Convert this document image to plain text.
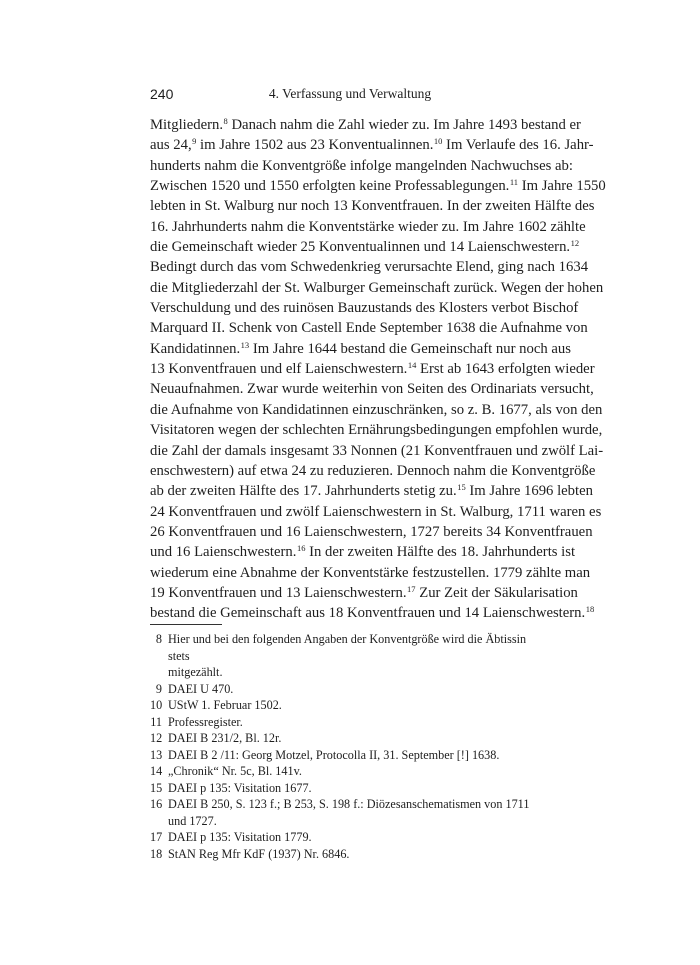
240	4. Verfassung und Verwaltung
Mitgliedern.$^8$ Danach nahm die Zahl wieder zu. Im Jahre 1493 bestand er
aus 24,$^9$ im Jahre 1502 aus 23 Konventualinnen.$^{10}$ Im Verlaufe des 16. Jahr-
hunderts nahm die Konventgröße infolge mangelnden Nachwuchses ab:
Zwischen 1520 und 1550 erfolgten keine Professablegungen.$^{11}$ Im Jahre 1550
lebten in St. Walburg nur noch 13 Konventfrauen. In der zweiten Hälfte des
16. Jahrhunderts nahm die Konventstärke wieder zu. Im Jahre 1602 zählte
die Gemeinschaft wieder 25 Konventualinnen und 14 Laienschwestern.$^{12}$
Bedingt durch das vom Schwedenkrieg verursachte Elend, ging nach 1634
die Mitgliederzahl der St. Walburger Gemeinschaft zurück. Wegen der hohen
Verschuldung und des ruinösen Bauzustands des Klosters verbot Bischof
Marquard II. Schenk von Castell Ende September 1638 die Aufnahme von
Kandidatinnen.$^{13}$ Im Jahre 1644 bestand die Gemeinschaft nur noch aus
13 Konventfrauen und elf Laienschwestern.$^{14}$ Erst ab 1643 erfolgten wieder
Neuaufnahmen. Zwar wurde weiterhin von Seiten des Ordinariats versucht,
die Aufnahme von Kandidatinnen einzuschränken, so z. B. 1677, als von den
Visitatoren wegen der schlechten Ernährungsbedingungen empfohlen wurde,
die Zahl der damals insgesamt 33 Nonnen (21 Konventfrauen und zwölf Lai-
enschwestern) auf etwa 24 zu reduzieren. Dennoch nahm die Konventgröße
ab der zweiten Hälfte des 17. Jahrhunderts stetig zu.$^{15}$ Im Jahre 1696 lebten
24 Konventfrauen und zwölf Laienschwestern in St. Walburg, 1711 waren es
26 Konventfrauen und 16 Laienschwestern, 1727 bereits 34 Konventfrauen
und 16 Laienschwestern.$^{16}$ In der zweiten Hälfte des 18. Jahrhunderts ist
wiederum eine Abnahme der Konventstärke festzustellen. 1779 zählte man
19 Konventfrauen und 13 Laienschwestern.$^{17}$ Zur Zeit der Säkularisation
bestand die Gemeinschaft aus 18 Konventfrauen und 14 Laienschwestern.$^{18}$
8 Hier und bei den folgenden Angaben der Konventgröße wird die Äbtissin stets
mitgezählt.
9 DAEI U 470.
10 UStW 1. Februar 1502.
11 Professregister.
12 DAEI B 231/2, Bl. 12r.
13 DAEI B 2 /11: Georg Motzel, Protocolla II, 31. September [!] 1638.
14 „Chronik“ Nr. 5c, Bl. 141v.
15 DAEI p 135: Visitation 1677.
16 DAEI B 250, S. 123 f.; B 253, S. 198 f.: Diözesanschematismen von 1711 und 1727.
17 DAEI p 135: Visitation 1779.
18 StAN Reg Mfr KdF (1937) Nr. 6846.
